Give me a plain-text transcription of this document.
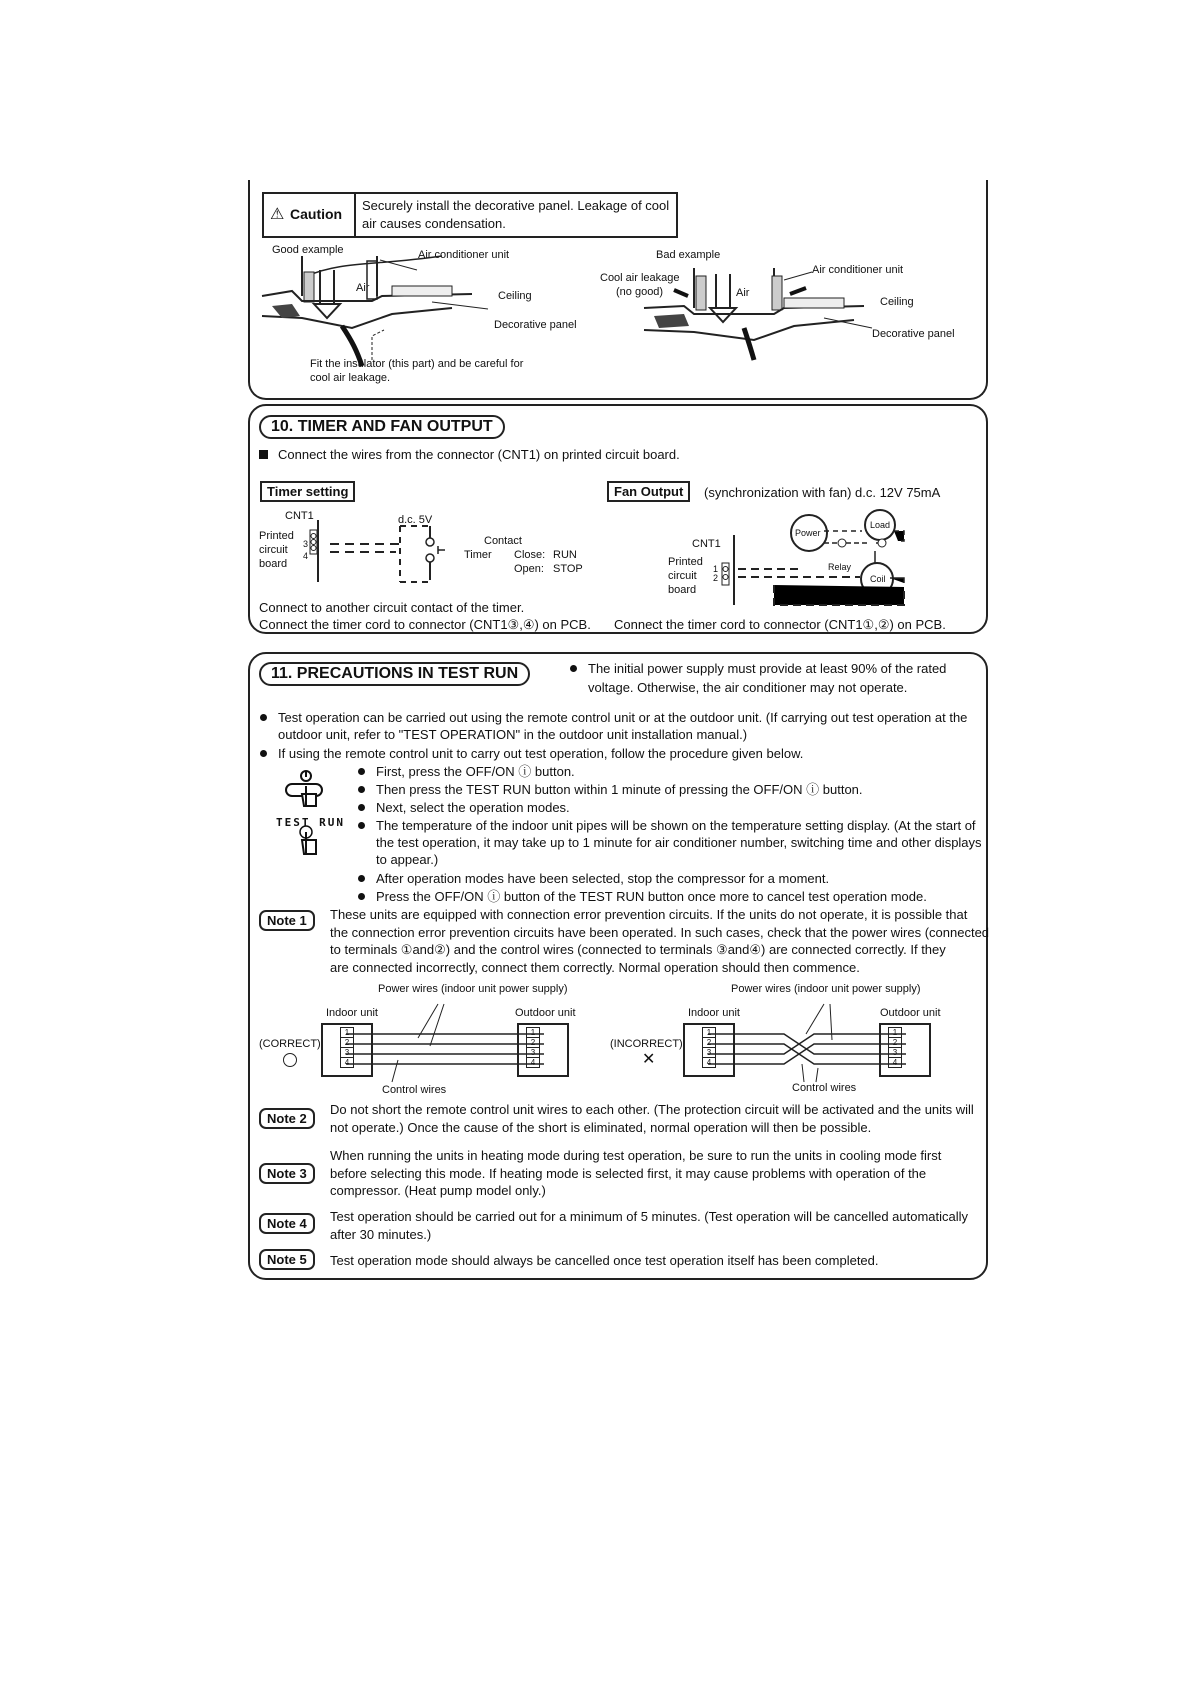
⚠ Caution
Securely install the decorative panel. Leakage of cool
air causes condensation.
Good example	Air conditioner unit
Air
Ceiling
Decorative panel
Fit the insulator (this part) and be careful for
cool air leakage.
Bad example
Cool air leakage
(no good)
Air conditioner unit
Air
Ceiling
Decorative panel
10. TIMER AND FAN OUTPUT
Connect the wires from the connector (CNT1) on printed circuit board.
Timer setting
CNT1	d.c. 5V
Printed
circuit
board
3
4
Contact
Timer Close: RUN
Open: STOP
Connect to another circuit contact of the timer.
Connect the timer cord to connector (CNT1③,④) on PCB.
Fan Output	(synchronization with fan) d.c. 12V 75mA
CNT1
Printed
circuit
board
1
2
Relay
Power
Load
Coil
Connect the timer cord to connector (CNT1①,②) on PCB.
11. PRECAUTIONS IN TEST RUN	The initial power supply must provide at least 90% of the rated
voltage. Otherwise, the air conditioner may not operate.
Test operation can be carried out using the remote control unit or at the outdoor unit. (If carrying out test operation at the
outdoor unit, refer to "TEST OPERATION" in the outdoor unit installation manual.)
If using the remote control unit to carry out test operation, follow the procedure given below.
TEST RUN
First, press the OFF/ON ⓘ button.
Then press the TEST RUN button within 1 minute of pressing the OFF/ON ⓘ button.
Next, select the operation modes.
The temperature of the indoor unit pipes will be shown on the temperature setting display. (At the start of
the test operation, it may take up to 1 minute for air conditioner number, switching time and other displays
to appear.)
After operation modes have been selected, stop the compressor for a moment.
Press the OFF/ON ⓘ button of the TEST RUN button once more to cancel test operation mode.
Note 1	These units are equipped with connection error prevention circuits. If the units do not operate, it is possible that
the connection error prevention circuits have been operated. In such cases, check that the power wires (connected
to terminals ①and②) and the control wires (connected to terminals ③and④) are connected correctly. If they
are connected incorrectly, connect them correctly. Normal operation should then commence.
Power wires (indoor unit power supply)	Power wires (indoor unit power supply)
Indoor unit	Outdoor unit	Indoor unit	Outdoor unit
(CORRECT)	(INCORRECT)
✕
Control wires	Control wires
1
2
3
4
1
2
3
4
1
2
3
4
1
2
3
4
Note 2
Do not short the remote control unit wires to each other. (The protection circuit will be activated and the units will
not operate.) Once the cause of the short is eliminated, normal operation will then be possible.
Note 3
When running the units in heating mode during test operation, be sure to run the units in cooling mode first
before selecting this mode. If heating mode is selected first, it may cause problems with operation of the
compressor. (Heat pump model only.)
Note 4	Test operation should be carried out for a minimum of 5 minutes. (Test operation will be cancelled automatically
after 30 minutes.)
Note 5	Test operation mode should always be cancelled once test operation itself has been completed.
